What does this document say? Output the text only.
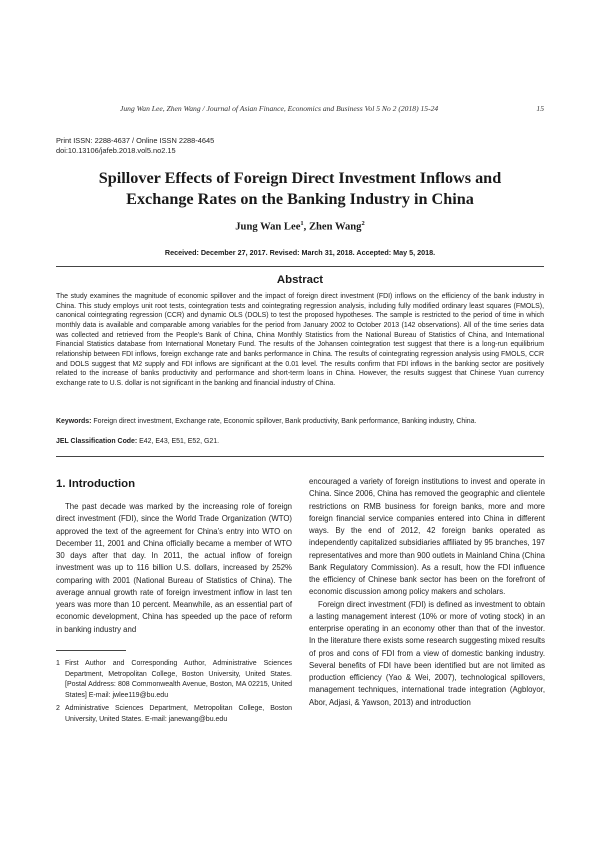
Jung Wan Lee, Zhen Wang / Journal of Asian Finance, Economics and Business Vol 5 No 2 (2018) 15-24	15
Print ISSN: 2288-4637 / Online ISSN 2288-4645
doi:10.13106/jafeb.2018.vol5.no2.15
Spillover Effects of Foreign Direct Investment Inflows and
Exchange Rates on the Banking Industry in China
Jung Wan Lee$^1$, Zhen Wang$^2$
Received: December 27, 2017. Revised: March 31, 2018. Accepted: May 5, 2018.
Abstract
The study examines the magnitude of economic spillover and the impact of foreign direct investment (FDI) inflows on the efficiency of the bank industry in China. This study employs unit root tests, cointegration tests and cointegrating regression analysis, including fully modified ordinary least squares (FMOLS), canonical cointegrating regression (CCR) and dynamic OLS (DOLS) to test the proposed hypotheses. The sample is restricted to the period of time in which monthly data is available and comparable among variables for the period from January 2002 to October 2013 (142 observations). All of the time series data was collected and retrieved from the People’s Bank of China, China Monthly Statistics from the National Bureau of Statistics of China, and International Financial Statistics database from International Monetary Fund. The results of the Johansen cointegration test suggest that there is a long-run equilibrium relationship between FDI inflows, foreign exchange rate and banks performance in China. The results of cointegrating regression analysis using FMOLS, CCR and DOLS suggest that M2 supply and FDI inflows are significant at the 0.01 level. The results confirm that FDI inflows in the banking sector are positively related to the increase of banks productivity and performance and short-term loans in China. However, the results suggest that Chinese Yuan currency exchange rate to U.S. dollar is not significant in the banking and financial industry of China.
Keywords: Foreign direct investment, Exchange rate, Economic spillover, Bank productivity, Bank performance, Banking industry, China.
JEL Classification Code: E42, E43, E51, E52, G21.
1. Introduction

The past decade was marked by the increasing role of foreign direct investment (FDI), since the World Trade Organization (WTO) approved the text of the agreement for China’s entry into WTO on December 11, 2001 and China officially became a member of WTO 30 days after that day. In 2011, the actual inflow of foreign investment was up to 116 billion U.S. dollars, increased by 252% comparing with 2001 (National Bureau of Statistics of China). The average annual growth rate of foreign investment inflow in last ten years was more than 10 percent. Meanwhile, as an essential part of economic development, China has speeded up the pace of reform in banking industry and

encouraged a variety of foreign institutions to invest and operate in China. Since 2006, China has removed the geographic and clientele restrictions on RMB business for foreign banks, more and more foreign financial service companies entered into China in different ways. By the end of 2012, 42 foreign banks operated as independently capitalized subsidiaries affiliated by 95 branches, 197 representatives and more than 900 outlets in Mainland China (China Bank Regulatory Commission). As a result, how the FDI influence the efficiency of Chinese bank sector has been on the forefront of economic discussion among policy makers and scholars.

Foreign direct investment (FDI) is defined as investment to obtain a lasting management interest (10% or more of voting stock) in an enterprise operating in an economy other than that of the investor. In the literature there exists some research suggesting mixed results of pros and cons of FDI from a view of domestic banking industry. Several benefits of FDI have been identified but are not limited as production efficiency (Yao & Wei, 2007), technological spillovers, management techniques, international trade integration (Agbloyor, Abor, Adjasi, & Yawson, 2013) and introduction

1 First Author and Corresponding Author, Administrative Sciences Department, Metropolitan College, Boston University, United States. [Postal Address: 808 Commonwealth Avenue, Boston, MA 02215, United States] E-mail: jwlee119@bu.edu
2 Administrative Sciences Department, Metropolitan College, Boston University, United States. E-mail: janewang@bu.edu
